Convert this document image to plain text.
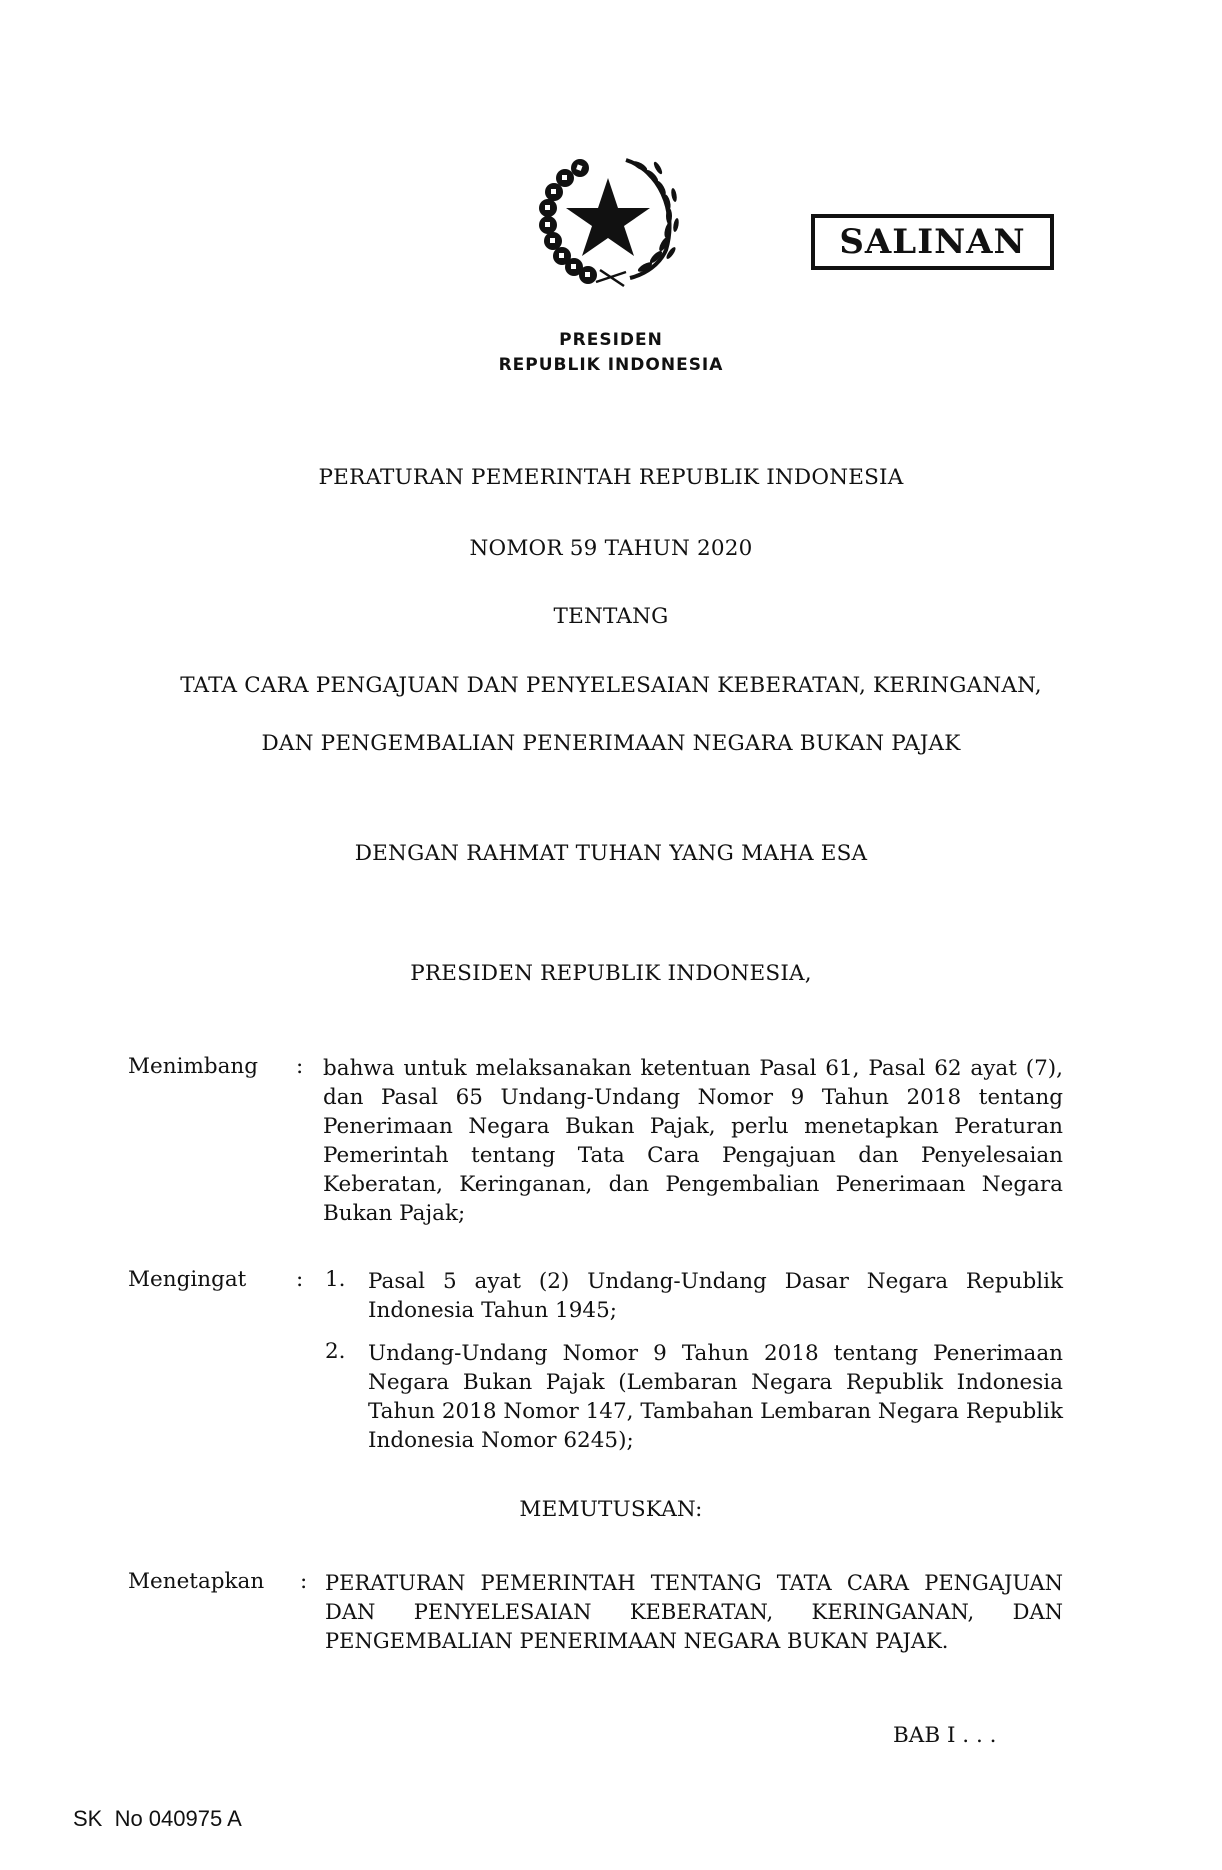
PRESIDEN
REPUBLIK INDONESIA
SALINAN
PERATURAN PEMERINTAH REPUBLIK INDONESIA
NOMOR 59 TAHUN 2020
TENTANG
TATA CARA PENGAJUAN DAN PENYELESAIAN KEBERATAN, KERINGANAN,
DAN PENGEMBALIAN PENERIMAAN NEGARA BUKAN PAJAK
DENGAN RAHMAT TUHAN YANG MAHA ESA
PRESIDEN REPUBLIK INDONESIA,
Menimbang : bahwa untuk melaksanakan ketentuan Pasal 61, Pasal 62 ayat (7), dan Pasal 65 Undang-Undang Nomor 9 Tahun 2018 tentang Penerimaan Negara Bukan Pajak, perlu menetapkan Peraturan Pemerintah tentang Tata Cara Pengajuan dan Penyelesaian Keberatan, Keringanan, dan Pengembalian Penerimaan Negara Bukan Pajak;
Mengingat : 1. Pasal 5 ayat (2) Undang-Undang Dasar Negara Republik Indonesia Tahun 1945;
2. Undang-Undang Nomor 9 Tahun 2018 tentang Penerimaan Negara Bukan Pajak (Lembaran Negara Republik Indonesia Tahun 2018 Nomor 147, Tambahan Lembaran Negara Republik Indonesia Nomor 6245);
MEMUTUSKAN:
Menetapkan : PERATURAN PEMERINTAH TENTANG TATA CARA PENGAJUAN DAN PENYELESAIAN KEBERATAN, KERINGANAN, DAN PENGEMBALIAN PENERIMAAN NEGARA BUKAN PAJAK.
BAB I . . .
SK  No 040975 A
